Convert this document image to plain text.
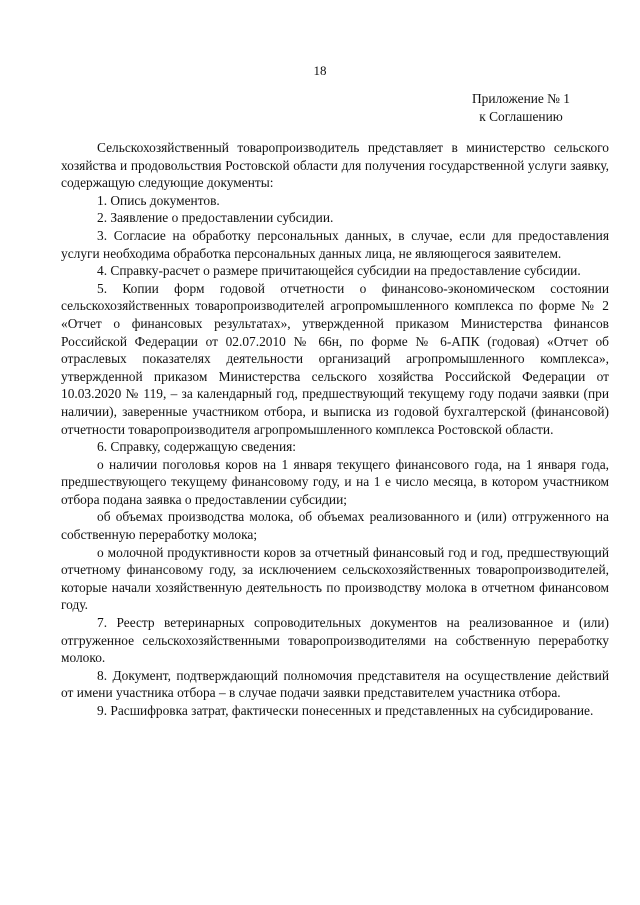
18
Приложение № 1
к Соглашению

Сельскохозяйственный товаропроизводитель представляет в министерство сельского хозяйства и продовольствия Ростовской области для получения государственной услуги заявку, содержащую следующие документы:

1. Опись документов.

2. Заявление о предоставлении субсидии.

3. Согласие на обработку персональных данных, в случае, если для предоставления услуги необходима обработка персональных данных лица, не являющегося заявителем.

4. Справку-расчет о размере причитающейся субсидии на предоставление субсидии.

5. Копии форм годовой отчетности о финансово-экономическом состоянии сельскохозяйственных товаропроизводителей агропромышленного комплекса по форме № 2 «Отчет о финансовых результатах», утвержденной приказом Министерства финансов Российской Федерации от 02.07.2010 № 66н, по форме № 6-АПК (годовая) «Отчет об отраслевых показателях деятельности организаций агропромышленного комплекса», утвержденной приказом Министерства сельского хозяйства Российской Федерации от 10.03.2020 № 119, – за календарный год, предшествующий текущему году подачи заявки (при наличии), заверенные участником отбора, и выписка из годовой бухгалтерской (финансовой) отчетности товаропроизводителя агропромышленного комплекса Ростовской области.

6. Справку, содержащую сведения:

о наличии поголовья коров на 1 января текущего финансового года, на 1 января года, предшествующего текущему финансовому году, и на 1 е число месяца, в котором участником отбора подана заявка о предоставлении субсидии;

об объемах производства молока, об объемах реализованного и (или) отгруженного на собственную переработку молока;

о молочной продуктивности коров за отчетный финансовый год и год, предшествующий отчетному финансовому году, за исключением сельскохозяйственных товаропроизводителей, которые начали хозяйственную деятельность по производству молока в отчетном финансовом году.

7. Реестр ветеринарных сопроводительных документов на реализованное и (или) отгруженное сельскохозяйственными товаропроизводителями на собственную переработку молоко.

8. Документ, подтверждающий полномочия представителя на осуществление действий от имени участника отбора – в случае подачи заявки представителем участника отбора.

9. Расшифровка затрат, фактически понесенных и представленных на субсидирование.
